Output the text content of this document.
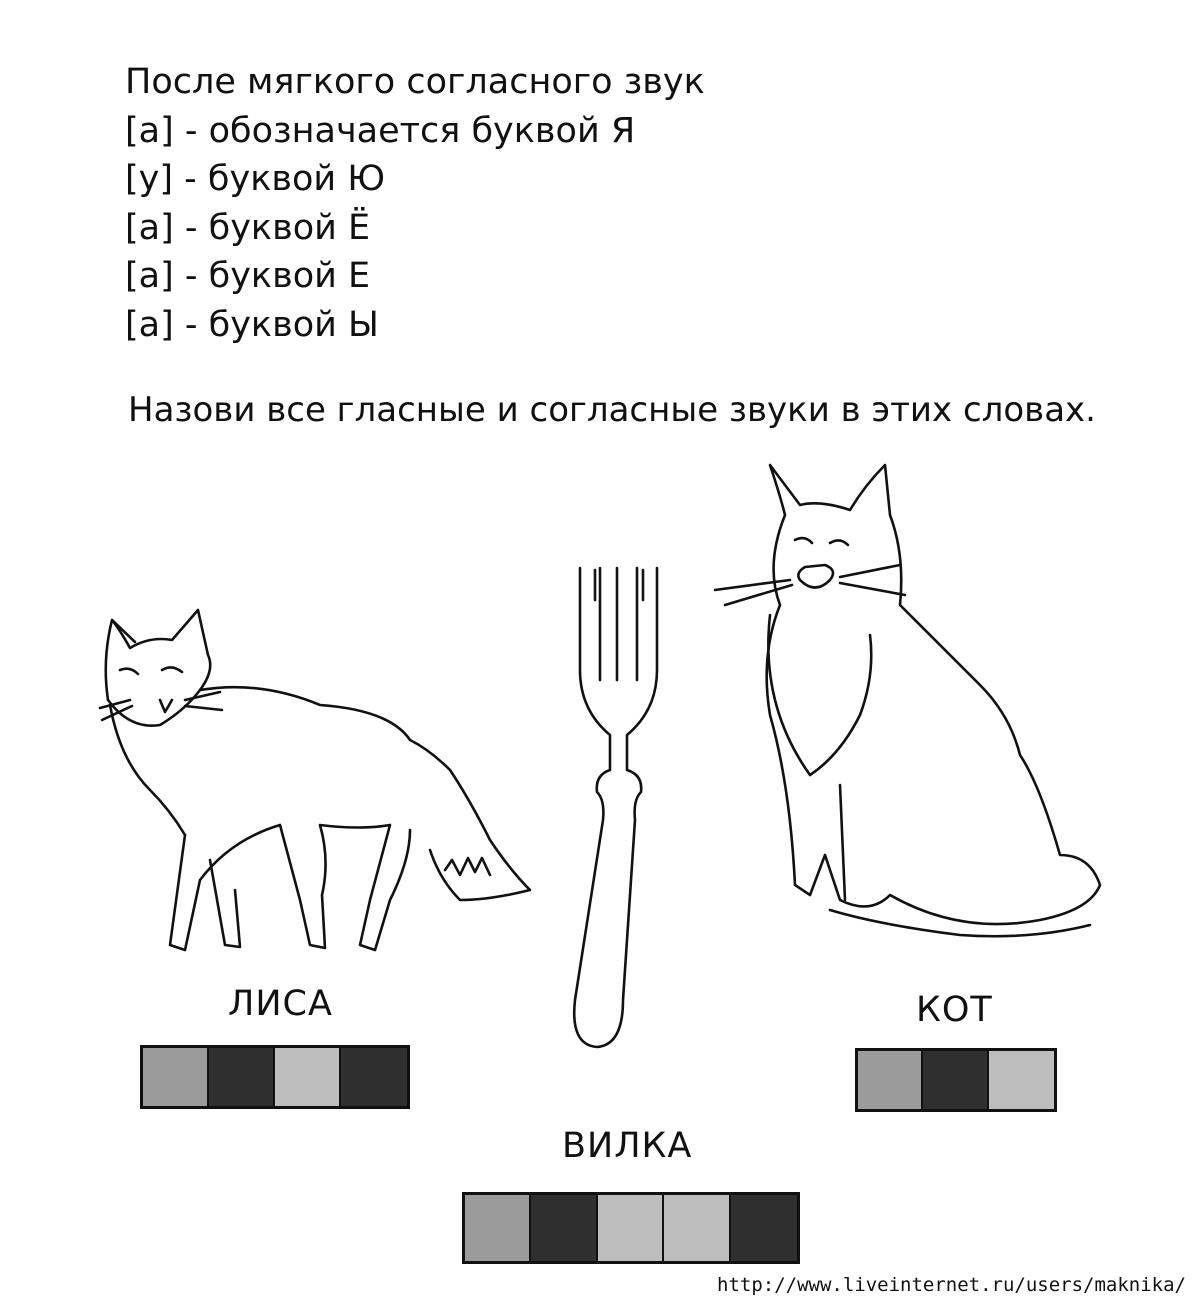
После мягкого согласного звук
[а] - обозначается буквой Я
[у] - буквой Ю
[а] - буквой Ё
[а] - буквой Е
[а] - буквой Ы
Назови все гласные и согласные звуки в этих словах.
ЛИСА	КОТ
ВИЛКА
http://www.liveinternet.ru/users/maknika/
